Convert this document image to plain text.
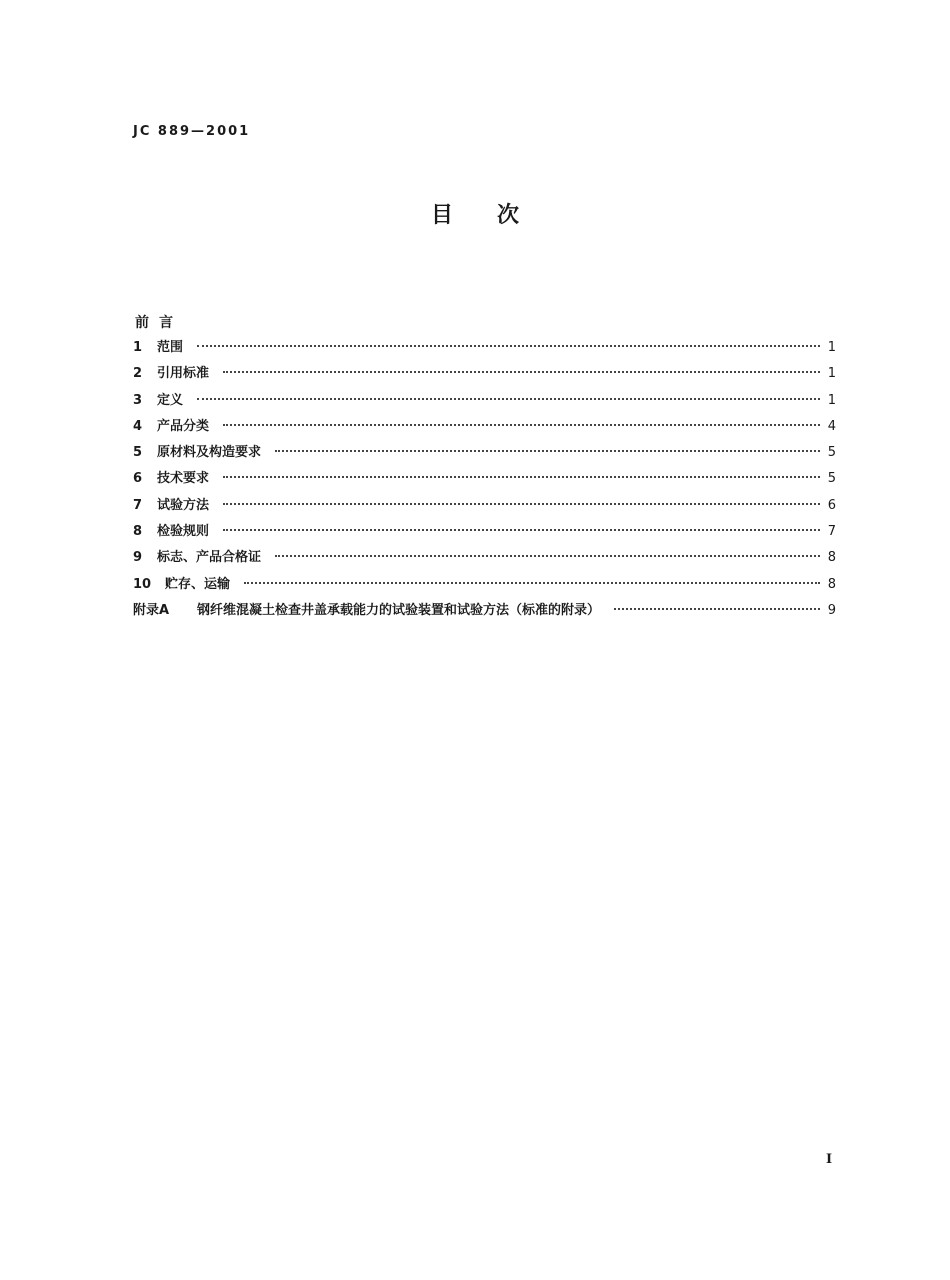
JC 889—2001
目次
前言
1	范围	1
2	引用标准	1
3	定义	1
4	产品分类	4
5	原材料及构造要求	5
6	技术要求	5
7	试验方法	6
8	检验规则	7
9	标志、产品合格证	8
10	贮存、运输	8
附录A	钢纤维混凝土检查井盖承载能力的试验装置和试验方法（标准的附录）	9
I
